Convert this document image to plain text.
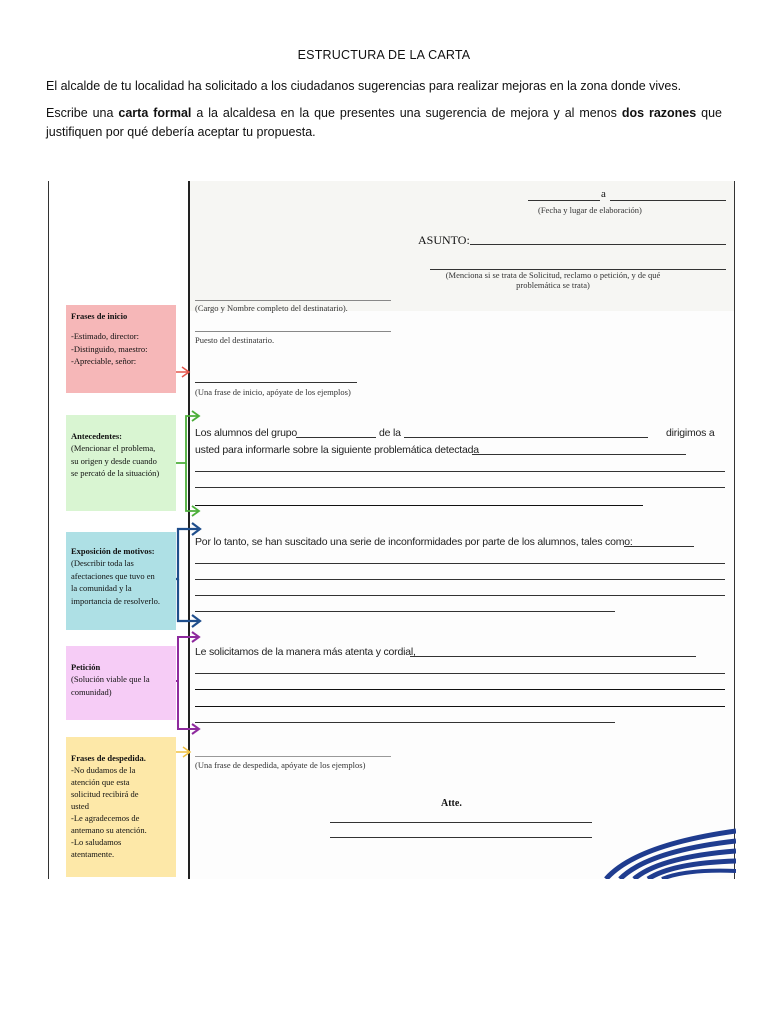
ESTRUCTURA DE LA CARTA
El alcalde de tu localidad ha solicitado a los ciudadanos sugerencias para realizar mejoras en la zona donde vives.
Escribe una carta formal a la alcaldesa en la que presentes una sugerencia de mejora y al menos dos razones que justifiquen por qué debería aceptar tu propuesta.
a
(Fecha y lugar de elaboración)
ASUNTO:
(Menciona si se trata de Solicitud, reclamo o petición, y de qué problemática se trata)
(Cargo y Nombre completo del destinatario).
Puesto del destinatario.
(Una frase de inicio, apóyate de los ejemplos)
Los alumnos del grupo	de la	dirigimos a
usted para informarle sobre la siguiente problemática detectada
Por lo tanto, se han suscitado una serie de inconformidades por parte de los alumnos, tales como:
Le solicitamos de la manera más atenta y cordial,
(Una frase de despedida, apóyate de los ejemplos)
Atte.
Frases de inicio
-Estimado, director:
-Distinguido, maestro:
-Apreciable, señor:
Antecedentes:
(Mencionar el problema,
su origen y desde cuando
se percató de la situación)
Exposición de motivos:
(Describir toda las
afectaciones que tuvo en
la comunidad y la
importancia de resolverlo.
Petición
(Solución viable que la
comunidad)
Frases de despedida.
-No dudamos de la
atención que esta
solicitud recibirá de
usted
-Le agradecemos de
antemano su atención.
-Lo saludamos
atentamente.
